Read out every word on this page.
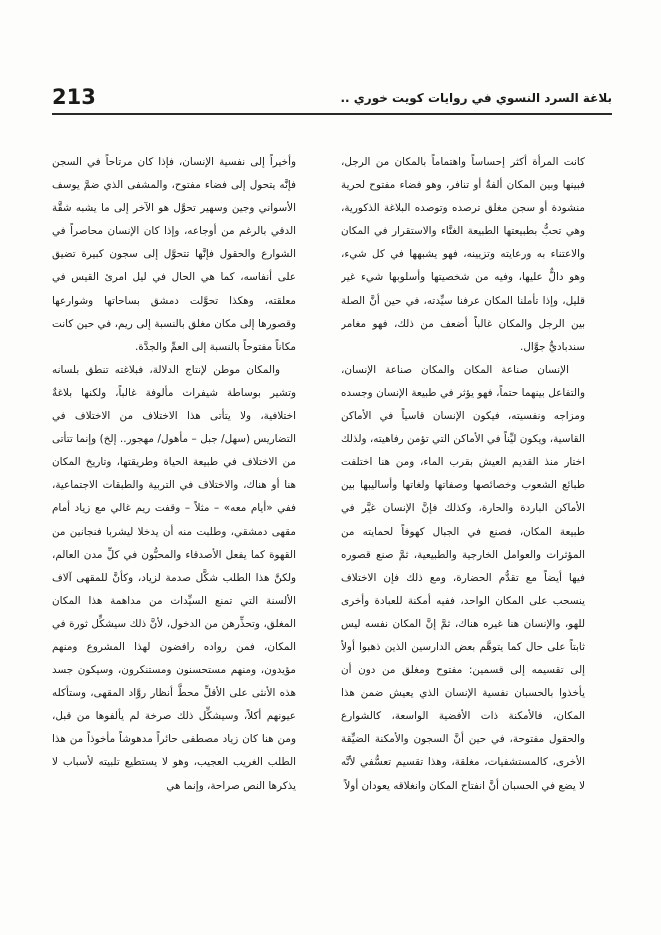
بلاغة السرد النسوي في روايات كويت خوري ..
213

كانت المرأة أكثر إحساساً واهتماماً بالمكان من الرجل، فبينها وبين المكان ألفةٌ أو تنافر، وهو فضاء مفتوح لحرية منشودة أو سجن مغلق ترصده وتوصده البلاغة الذكورية، وهي تحبُّ بطبيعتها الطبيعة الغنَّاء والاستقرار في المكان والاعتناء به ورعايته وتزيينه، فهو يشبهها في كل شيء، وهو دالٌّ عليها، وفيه من شخصيتها وأسلوبها شيء غير قليل، وإذا تأملنا المكان عرفنا سيِّدته، في حين أنَّ الصلة بين الرجل والمكان غالباً أضعف من ذلك، فهو مغامر سندباديٌّ جوَّال.

الإنسان صناعة المكان والمكان صناعة الإنسان، والتفاعل بينهما حتماً، فهو يؤثر في طبيعة الإنسان وجسده ومزاجه ونفسيته، فيكون الإنسان قاسياً في الأماكن القاسية، ويكون ليِّناً في الأماكن التي تؤمن رفاهيته، ولذلك اختار منذ القديم العيش بقرب الماء، ومن هنا اختلفت طبائع الشعوب وخصائصها وصفاتها ولغاتها وأساليبها بين الأماكن الباردة والحارة، وكذلك فإنَّ الإنسان غيَّر في طبيعة المكان، فصنع في الجبال كهوفاً لحمايته من المؤثرات والعوامل الخارجية والطبيعية، ثمَّ صنع قصوره فيها أيضاً مع تقدُّم الحضارة، ومع ذلك فإن الاختلاف ينسحب على المكان الواحد، ففيه أمكنة للعبادة وأخرى للهو، والإنسان هنا غيره هناك، ثمَّ إنَّ المكان نفسه ليس ثابتاً على حال كما يتوهَّم بعض الدارسين الذين ذهبوا أولاً إلى تقسيمه إلى قسمين: مفتوح ومغلق من دون أن يأخذوا بالحسبان نفسية الإنسان الذي يعيش ضمن هذا المكان، فالأمكنة ذات الأفضية الواسعة، كالشوارع والحقول مفتوحة، في حين أنَّ السجون والأمكنة الضيِّقة الأخرى، كالمستشفيات، مغلقة، وهذا تقسيم تعسُّفي لأنَّه لا يضع في الحسبان أنَّ انفتاح المكان وانغلاقه يعودان أولاً

وأخيراً إلى نفسية الإنسان، فإذا كان مرتاحاً في السجن فإنَّه يتحول إلى فضاء مفتوح، والمشفى الذي ضمَّ يوسف الأسواني وجين وسهير تحوَّل هو الآخر إلى ما يشبه شقَّة الدقي بالرغم من أوجاعه، وإذا كان الإنسان محاصراً في الشوارع والحقول فإنَّها تتحوَّل إلى سجون كبيرة تضيق على أنفاسه، كما هي الحال في ليل امرئ القيس في معلقته، وهكذا تحوَّلت دمشق بساحاتها وشوارعها وقصورها إلى مكان مغلق بالنسبة إلى ريم، في حين كانت مكاناً مفتوحاً بالنسبة إلى العمِّ والجدَّة.

والمكان موطن لإنتاج الدلالة، فبلاغته تنطق بلسانه وتشير بوساطة شيفرات مألوفة غالباً، ولكنها بلاغةٌ اختلافية، ولا يتأتى هذا الاختلاف من الاختلاف في التضاريس (سهل/ جبل – مأهول/ مهجور.. إلخ) وإنما تتأتى من الاختلاف في طبيعة الحياة وطريقتها، وتاريخ المكان هنا أو هناك، والاختلاف في التربية والطبقات الاجتماعية، ففي «أيام معه» – مثلاً – وقفت ريم غالي مع زياد أمام مقهى دمشقي، وطلبت منه أن يدخلا ليشربا فنجانين من القهوة كما يفعل الأصدقاء والمحبُّون في كلِّ مدن العالم، ولكنَّ هذا الطلب شكَّل صدمة لزياد، وكأنَّ للمقهى آلاف الألسنة التي تمنع السيِّدات من مداهمة هذا المكان المغلق، وتحذِّرهن من الدخول، لأنَّ ذلك سيشكِّل ثورة في المكان، فمن رواده رافضون لهذا المشروع ومنهم مؤيدون، ومنهم مستحسنون ومستنكرون، وسيكون جسد هذه الأنثى على الأقلِّ محطَّ أنظار روَّاد المقهى، وستأكله عيونهم أكلاً، وسيشكِّل ذلك صرخة لم يألفوها من قبل، ومن هنا كان زياد مصطفى حائراً مدهوشاً مأخوذاً من هذا الطلب الغريب العجيب، وهو لا يستطيع تلبيته لأسباب لا يذكرها النص صراحة، وإنما هي
